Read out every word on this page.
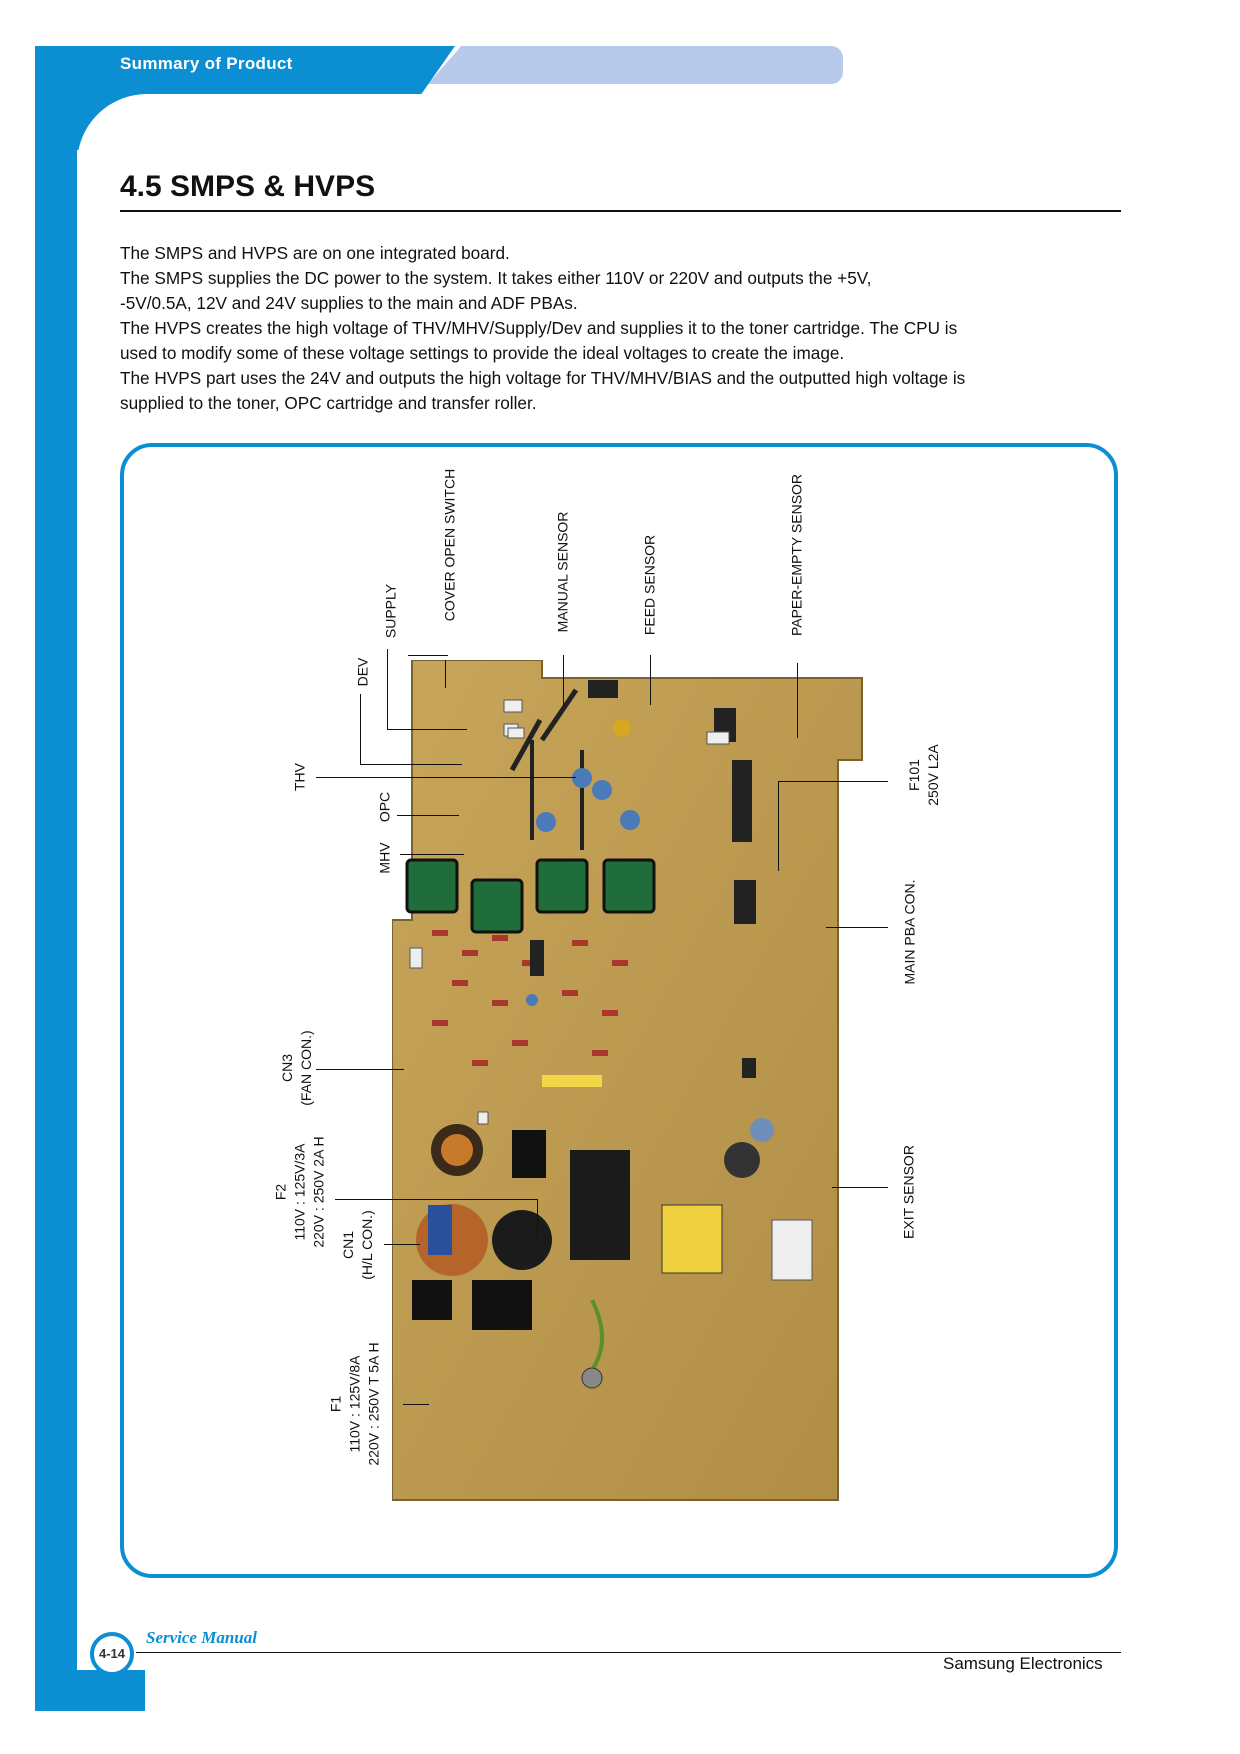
Summary of Product
4.5 SMPS & HVPS

The SMPS and HVPS are on one integrated board.

The SMPS supplies the DC power to the system. It takes either 110V or 220V and outputs the +5V,

-5V/0.5A, 12V and 24V supplies to the main and ADF PBAs.

The HVPS creates the high voltage of THV/MHV/Supply/Dev and supplies it to the toner cartridge. The CPU is

used to modify some of these voltage settings to provide the ideal voltages to create the image.

The HVPS part uses the 24V and outputs the high voltage for THV/MHV/BIAS and the outputted high voltage is

supplied to the toner, OPC cartridge and transfer roller.

COVER OPEN SWITCH
SUPPLY
DEV
MANUAL SENSOR	FEED SENSOR	PAPER-EMPTY SENSOR
THV
OPC
MHV
F101 250V L2A
MAIN PBA CON.
CN3 (FAN CON.)
F2 110V : 125V/3A 220V : 250V 2A H CN1 (H/L CON.)
EXIT SENSOR
F1 110V : 125V/8A 220V : 250V T 5A H
4-14
Service Manual
Samsung Electronics
